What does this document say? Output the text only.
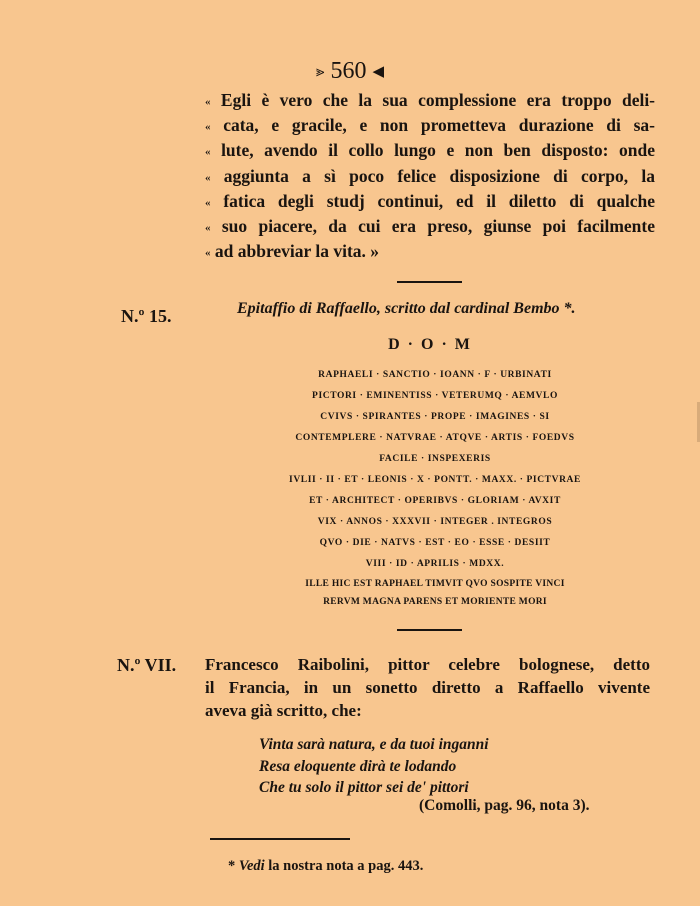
⪢ 560 ◀
« Egli è vero che la sua complessione era troppo deli-
« cata, e gracile, e non prometteva durazione di sa-
« lute, avendo il collo lungo e non ben disposto: onde
« aggiunta a sì poco felice disposizione di corpo, la
« fatica degli studj continui, ed il diletto di qualche
« suo piacere, da cui era preso, giunse poi facilmente
« ad abbreviar la vita. »
N.º 15.	Epitaffio di Raffaello, scritto dal cardinal Bembo *.
D · O · M
RAPHAELI · SANCTIO · IOANN · F · URBINATI
PICTORI · EMINENTISS · VETERUMQ · AEMVLO
CVIVS · SPIRANTES · PROPE · IMAGINES · SI
CONTEMPLERE · NATVRAE · ATQVE · ARTIS · FOEDVS
FACILE · INSPEXERIS
IVLII · II · ET · LEONIS · X · PONTT. · MAXX. · PICTVRAE
ET · ARCHITECT · OPERIBVS · GLORIAM · AVXIT
VIX · ANNOS · XXXVII · INTEGER . INTEGROS
QVO · DIE · NATVS · EST · EO · ESSE · DESIIT
VIII · ID · APRILIS · MDXX.
ILLE HIC EST RAPHAEL TIMVIT QVO SOSPITE VINCI
RERVM MAGNA PARENS ET MORIENTE MORI
N.º VII. Francesco Raibolini, pittor celebre bolognese, detto
il Francia, in un sonetto diretto a Raffaello vivente
aveva già scritto, che:
Vinta sarà natura, e da tuoi inganni
Resa eloquente dirà te lodando
Che tu solo il pittor sei de' pittori
(Comolli, pag. 96, nota 3).
* Vedi la nostra nota a pag. 443.
